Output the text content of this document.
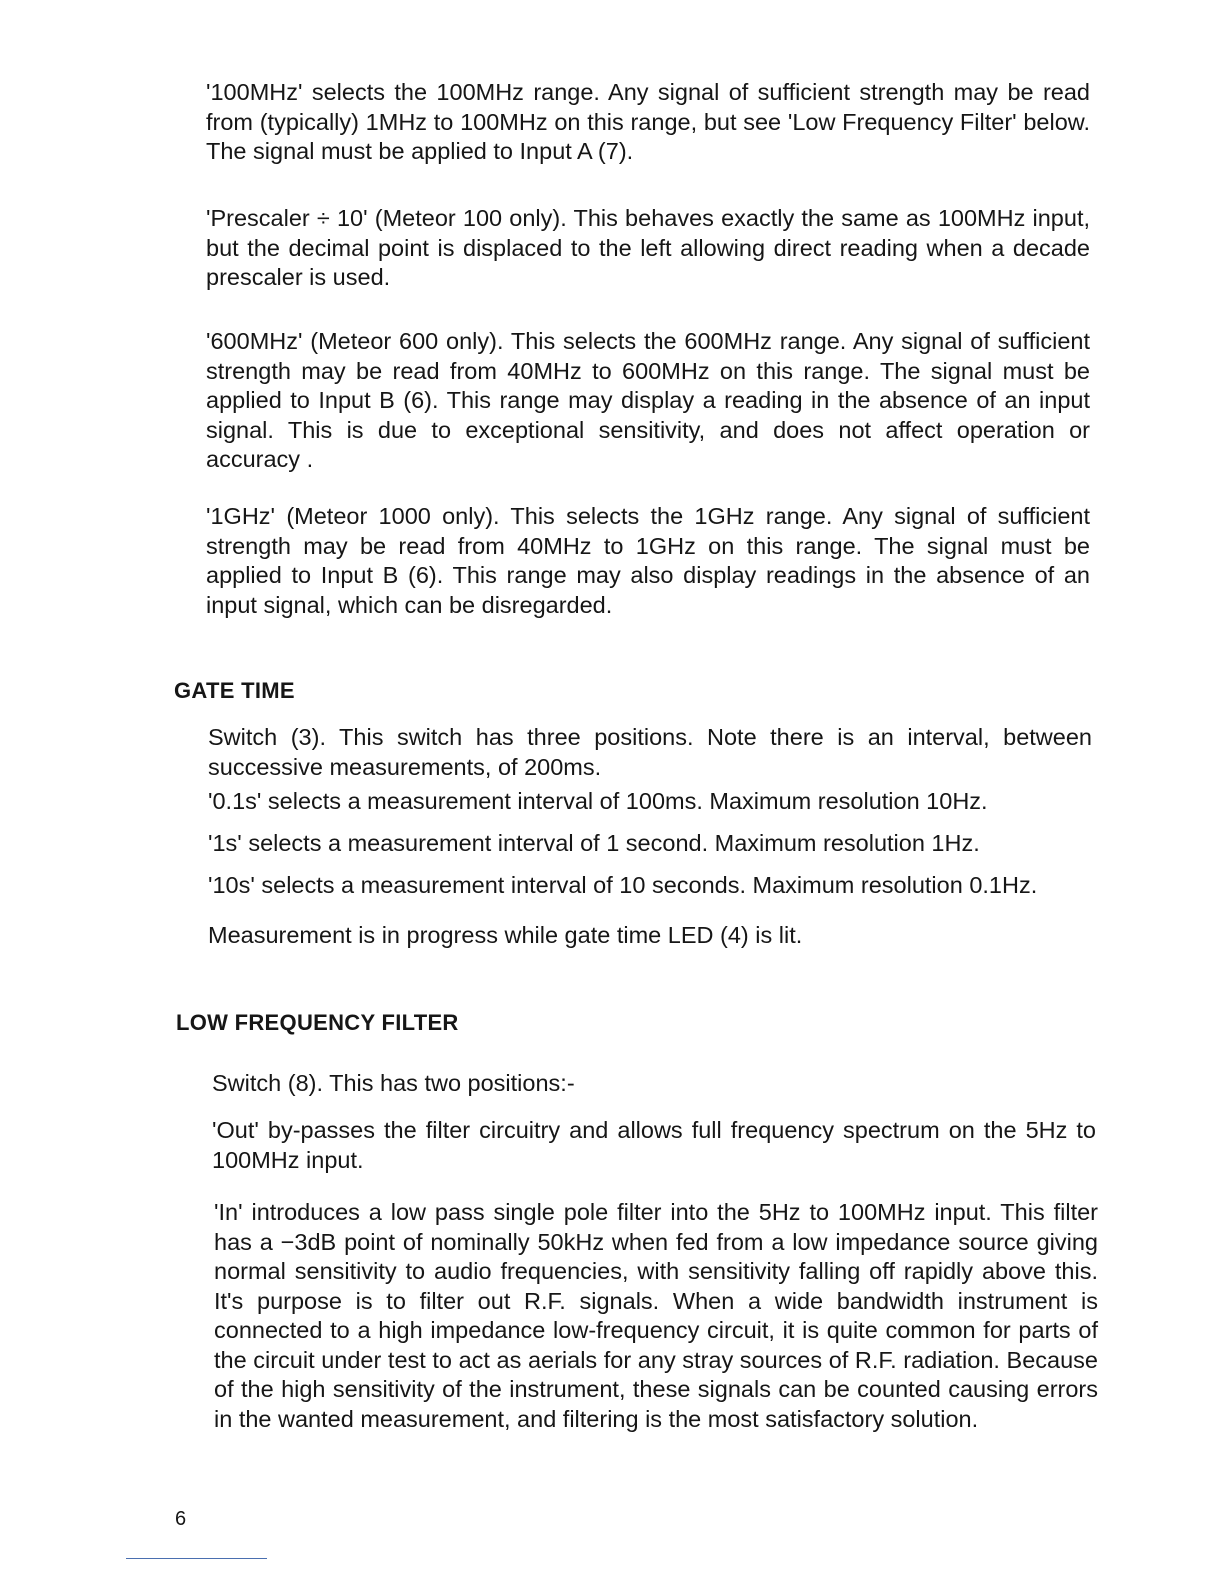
'100MHz' selects the 100MHz range. Any signal of sufficient strength may be read from (typically) 1MHz to 100MHz on this range, but see 'Low Frequency Filter' below. The signal must be applied to Input A (7).

'Prescaler ÷ 10' (Meteor 100 only). This behaves exactly the same as 100MHz input, but the decimal point is displaced to the left allowing direct reading when a decade prescaler is used.

'600MHz' (Meteor 600 only). This selects the 600MHz range. Any signal of sufficient strength may be read from 40MHz to 600MHz on this range. The signal must be applied to Input B (6). This range may display a reading in the absence of an input signal. This is due to exceptional sensitivity, and does not affect operation or accuracy .

'1GHz' (Meteor 1000 only). This selects the 1GHz range. Any signal of sufficient strength may be read from 40MHz to 1GHz on this range. The signal must be applied to Input B (6). This range may also display readings in the absence of an input signal, which can be disregarded.

GATE TIME

Switch (3). This switch has three positions. Note there is an interval, between successive measurements, of 200ms.

'0.1s' selects a measurement interval of 100ms. Maximum resolution 10Hz.

'1s' selects a measurement interval of 1 second. Maximum resolution 1Hz.

'10s' selects a measurement interval of 10 seconds. Maximum resolution 0.1Hz.

Measurement is in progress while gate time LED (4) is lit.

LOW FREQUENCY FILTER

Switch (8). This has two positions:-

'Out' by-passes the filter circuitry and allows full frequency spectrum on the 5Hz to 100MHz input.

'In' introduces a low pass single pole filter into the 5Hz to 100MHz input. This filter has a −3dB point of nominally 50kHz when fed from a low impedance source giving normal sensitivity to audio frequencies, with sensitivity falling off rapidly above this. It's purpose is to filter out R.F. signals. When a wide bandwidth instrument is connected to a high impedance low-frequency circuit, it is quite common for parts of the circuit under test to act as aerials for any stray sources of R.F. radiation. Because of the high sensitivity of the instrument, these signals can be counted causing errors in the wanted measurement, and filtering is the most satisfactory solution.

6
